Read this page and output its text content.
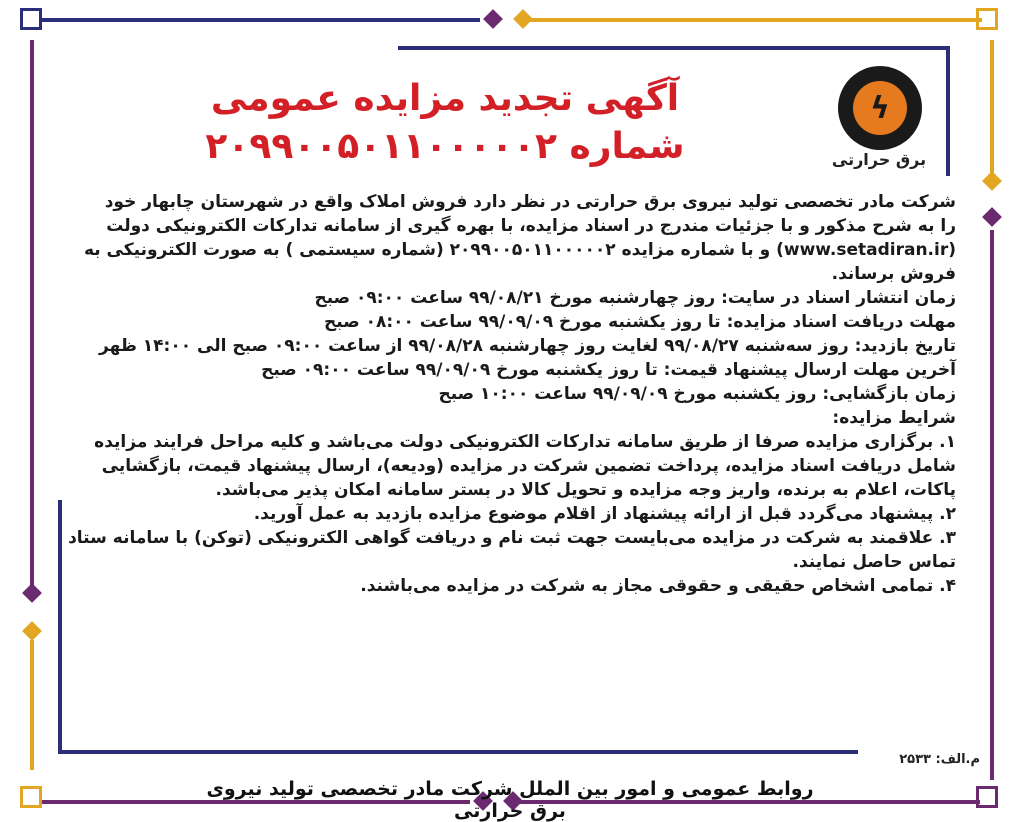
آگهی تجدید مزایده عمومی
شماره ۲۰۹۹۰۰۵۰۱۱۰۰۰۰۰۲
ϟ
برق حرارتی

شرکت مادر تخصصی تولید نیروی برق حرارتی در نظر دارد فروش املاک واقع در شهرستان چابهار خود

را به شرح مذکور و با جزئیات مندرج در اسناد مزایده، با بهره گیری از سامانه تدارکات الکترونیکی دولت

(www.setadiran.ir) و با شماره مزایده ۲۰۹۹۰۰۵۰۱۱۰۰۰۰۰۲ (شماره سیستمی ) به صورت الکترونیکی به

فروش برساند.

زمان انتشار اسناد در سایت: روز چهارشنبه مورخ ۹۹/۰۸/۲۱ ساعت ۰۹:۰۰ صبح

مهلت دریافت اسناد مزایده: تا روز یکشنبه مورخ ۹۹/۰۹/۰۹ ساعت ۰۸:۰۰ صبح

تاریخ بازدید: روز سه‌شنبه ۹۹/۰۸/۲۷ لغایت روز چهارشنبه ۹۹/۰۸/۲۸ از ساعت ۰۹:۰۰ صبح الی ۱۴:۰۰ ظهر

آخرین مهلت ارسال پیشنهاد قیمت: تا روز یکشنبه مورخ ۹۹/۰۹/۰۹ ساعت ۰۹:۰۰ صبح

زمان بازگشایی: روز یکشنبه مورخ ۹۹/۰۹/۰۹ ساعت ۱۰:۰۰ صبح

شرایط مزایده:

۱. برگزاری مزایده صرفا از طریق سامانه تدارکات الکترونیکی دولت می‌باشد و کلیه مراحل فرایند مزایده

شامل دریافت اسناد مزایده، پرداخت تضمین شرکت در مزایده (ودیعه)، ارسال پیشنهاد قیمت، بازگشایی

پاکات، اعلام به برنده، واریز وجه مزایده و تحویل کالا در بستر سامانه امکان پذیر می‌باشد.

۲. پیشنهاد می‌گردد قبل از ارائه پیشنهاد از اقلام موضوع مزایده بازدید به عمل آورید.

۳. علاقمند به شرکت در مزایده می‌بایست جهت ثبت نام و دریافت گواهی الکترونیکی (توکن) با سامانه ستاد

تماس حاصل نمایند.

۴. تمامی اشخاص حقیقی و حقوقی مجاز به شرکت در مزایده می‌باشند.

م.الف: ۲۵۳۳
روابط عمومی و امور بین الملل شرکت مادر تخصصی تولید نیروی برق حرارتی
